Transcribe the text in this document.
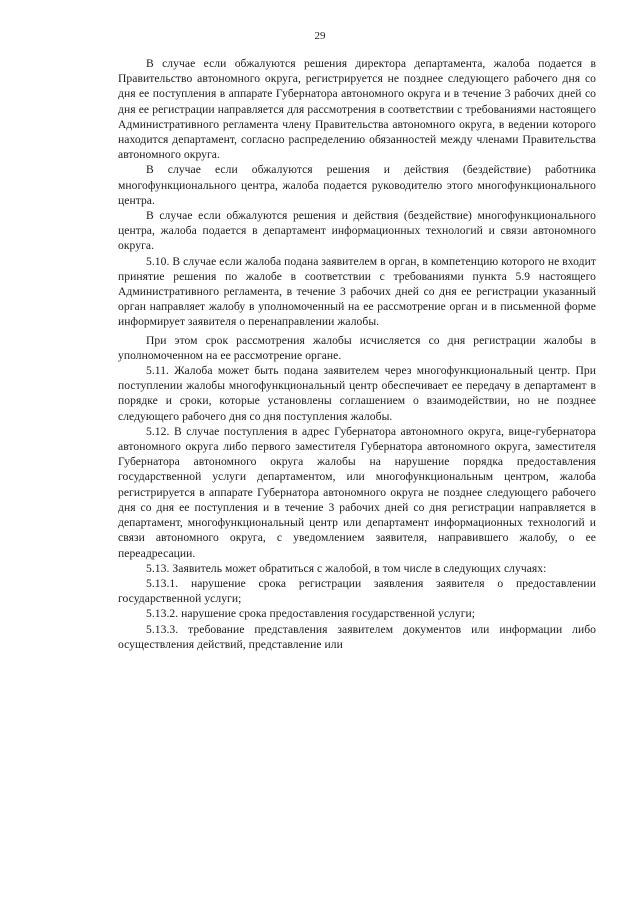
29

В случае если обжалуются решения директора департамента, жалоба подается в Правительство автономного округа, регистрируется не позднее следующего рабочего дня со дня ее поступления в аппарате Губернатора автономного округа и в течение 3 рабочих дней со дня ее регистрации направляется для рассмотрения в соответствии с требованиями настоящего Административного регламента члену Правительства автономного округа, в ведении которого находится департамент, согласно распределению обязанностей между членами Правительства автономного округа.

В случае если обжалуются решения и действия (бездействие) работника многофункционального центра, жалоба подается руководителю этого многофункционального центра.

В случае если обжалуются решения и действия (бездействие) многофункционального центра, жалоба подается в департамент информационных технологий и связи автономного округа.

5.10. В случае если жалоба подана заявителем в орган, в компетенцию которого не входит принятие решения по жалобе в соответствии с требованиями пункта 5.9 настоящего Административного регламента, в течение 3 рабочих дней со дня ее регистрации указанный орган направляет жалобу в уполномоченный на ее рассмотрение орган и в письменной форме информирует заявителя о перенаправлении жалобы.

При этом срок рассмотрения жалобы исчисляется со дня регистрации жалобы в уполномоченном на ее рассмотрение органе.

5.11. Жалоба может быть подана заявителем через многофункциональный центр. При поступлении жалобы многофункциональный центр обеспечивает ее передачу в департамент в порядке и сроки, которые установлены соглашением о взаимодействии, но не позднее следующего рабочего дня со дня поступления жалобы.

5.12. В случае поступления в адрес Губернатора автономного округа, вице-губернатора автономного округа либо первого заместителя Губернатора автономного округа, заместителя Губернатора автономного округа жалобы на нарушение порядка предоставления государственной услуги департаментом, или многофункциональным центром, жалоба регистрируется в аппарате Губернатора автономного округа не позднее следующего рабочего дня со дня ее поступления и в течение 3 рабочих дней со дня регистрации направляется в департамент, многофункциональный центр или департамент информационных технологий и связи автономного округа, с уведомлением заявителя, направившего жалобу, о ее переадресации.

5.13. Заявитель может обратиться с жалобой, в том числе в следующих случаях:

5.13.1. нарушение срока регистрации заявления заявителя о предоставлении государственной услуги;

5.13.2. нарушение срока предоставления государственной услуги;

5.13.3. требование представления заявителем документов или информации либо осуществления действий, представление или
